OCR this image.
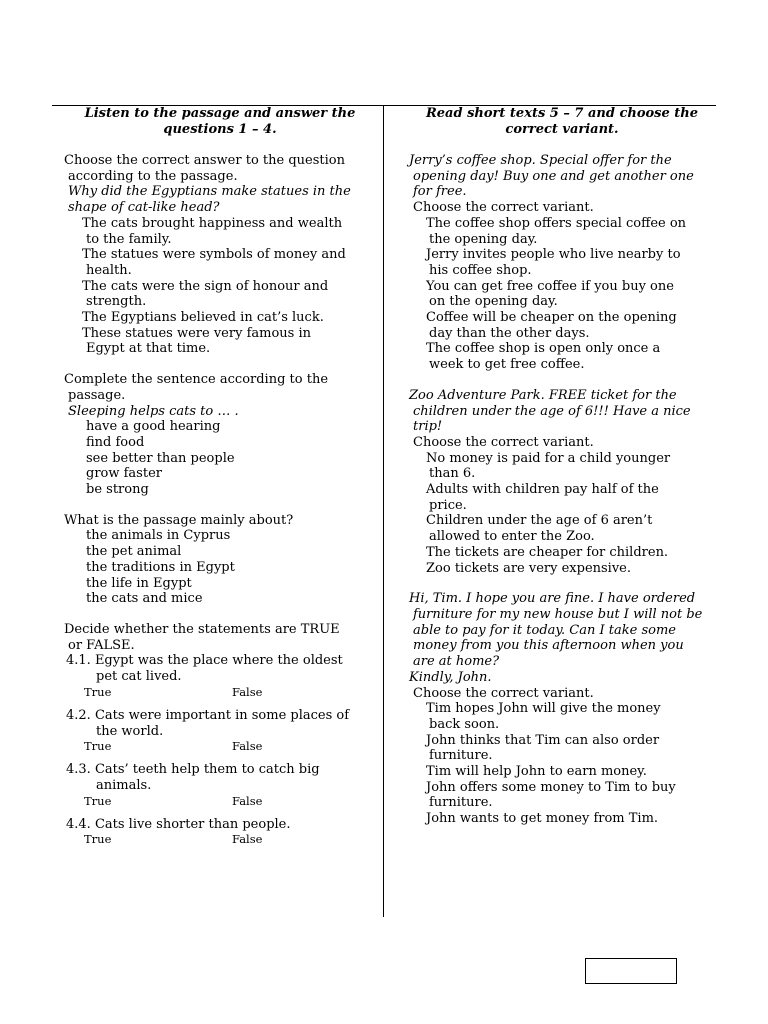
Listen to the passage and answer the
questions 1 – 4.

Choose the correct answer to the question

according to the passage.

Why did the Egyptians make statues in the

shape of cat-like head?

The cats brought happiness and wealth
to the family.

The statues were symbols of money and
health.

The cats were the sign of honour and
strength.

The Egyptians believed in cat’s luck.

These statues were very famous in
Egypt at that time.

Complete the sentence according to the

passage.

Sleeping helps cats to … .

have a good hearing

find food

see better than people

grow faster

be strong

What is the passage mainly about?

the animals in Cyprus

the pet animal

the traditions in Egypt

the life in Egypt

the cats and mice

Decide whether the statements are TRUE

or FALSE.

4.1. Egypt was the place where the oldest

pet cat lived.

True	False

4.2. Cats were important in some places of

the world.

True	False

4.3. Cats’ teeth help them to catch big

animals.

True	False

4.4. Cats live shorter than people.

True	False
Read short texts 5 – 7 and choose the
correct variant.

Jerry’s coffee shop. Special offer for the

opening day! Buy one and get another one

for free.

Choose the correct variant.

The coffee shop offers special coffee on
the opening day.

Jerry invites people who live nearby to
his coffee shop.

You can get free coffee if you buy one
on the opening day.

Coffee will be cheaper on the opening
day than the other days.

The coffee shop is open only once a
week to get free coffee.

Zoo Adventure Park. FREE ticket for the

children under the age of 6!!! Have a nice

trip!

Choose the correct variant.

No money is paid for a child younger
than 6.

Adults with children pay half of the
price.

Children under the age of 6 aren’t
allowed to enter the Zoo.

The tickets are cheaper for children.

Zoo tickets are very expensive.

Hi, Tim. I hope you are fine. I have ordered

furniture for my new house but I will not be

able to pay for it today. Can I take some

money from you this afternoon when you

are at home?

Kindly, John.

Choose the correct variant.

Tim hopes John will give the money
back soon.

John thinks that Tim can also order
furniture.

Tim will help John to earn money.

John offers some money to Tim to buy
furniture.

John wants to get money from Tim.
